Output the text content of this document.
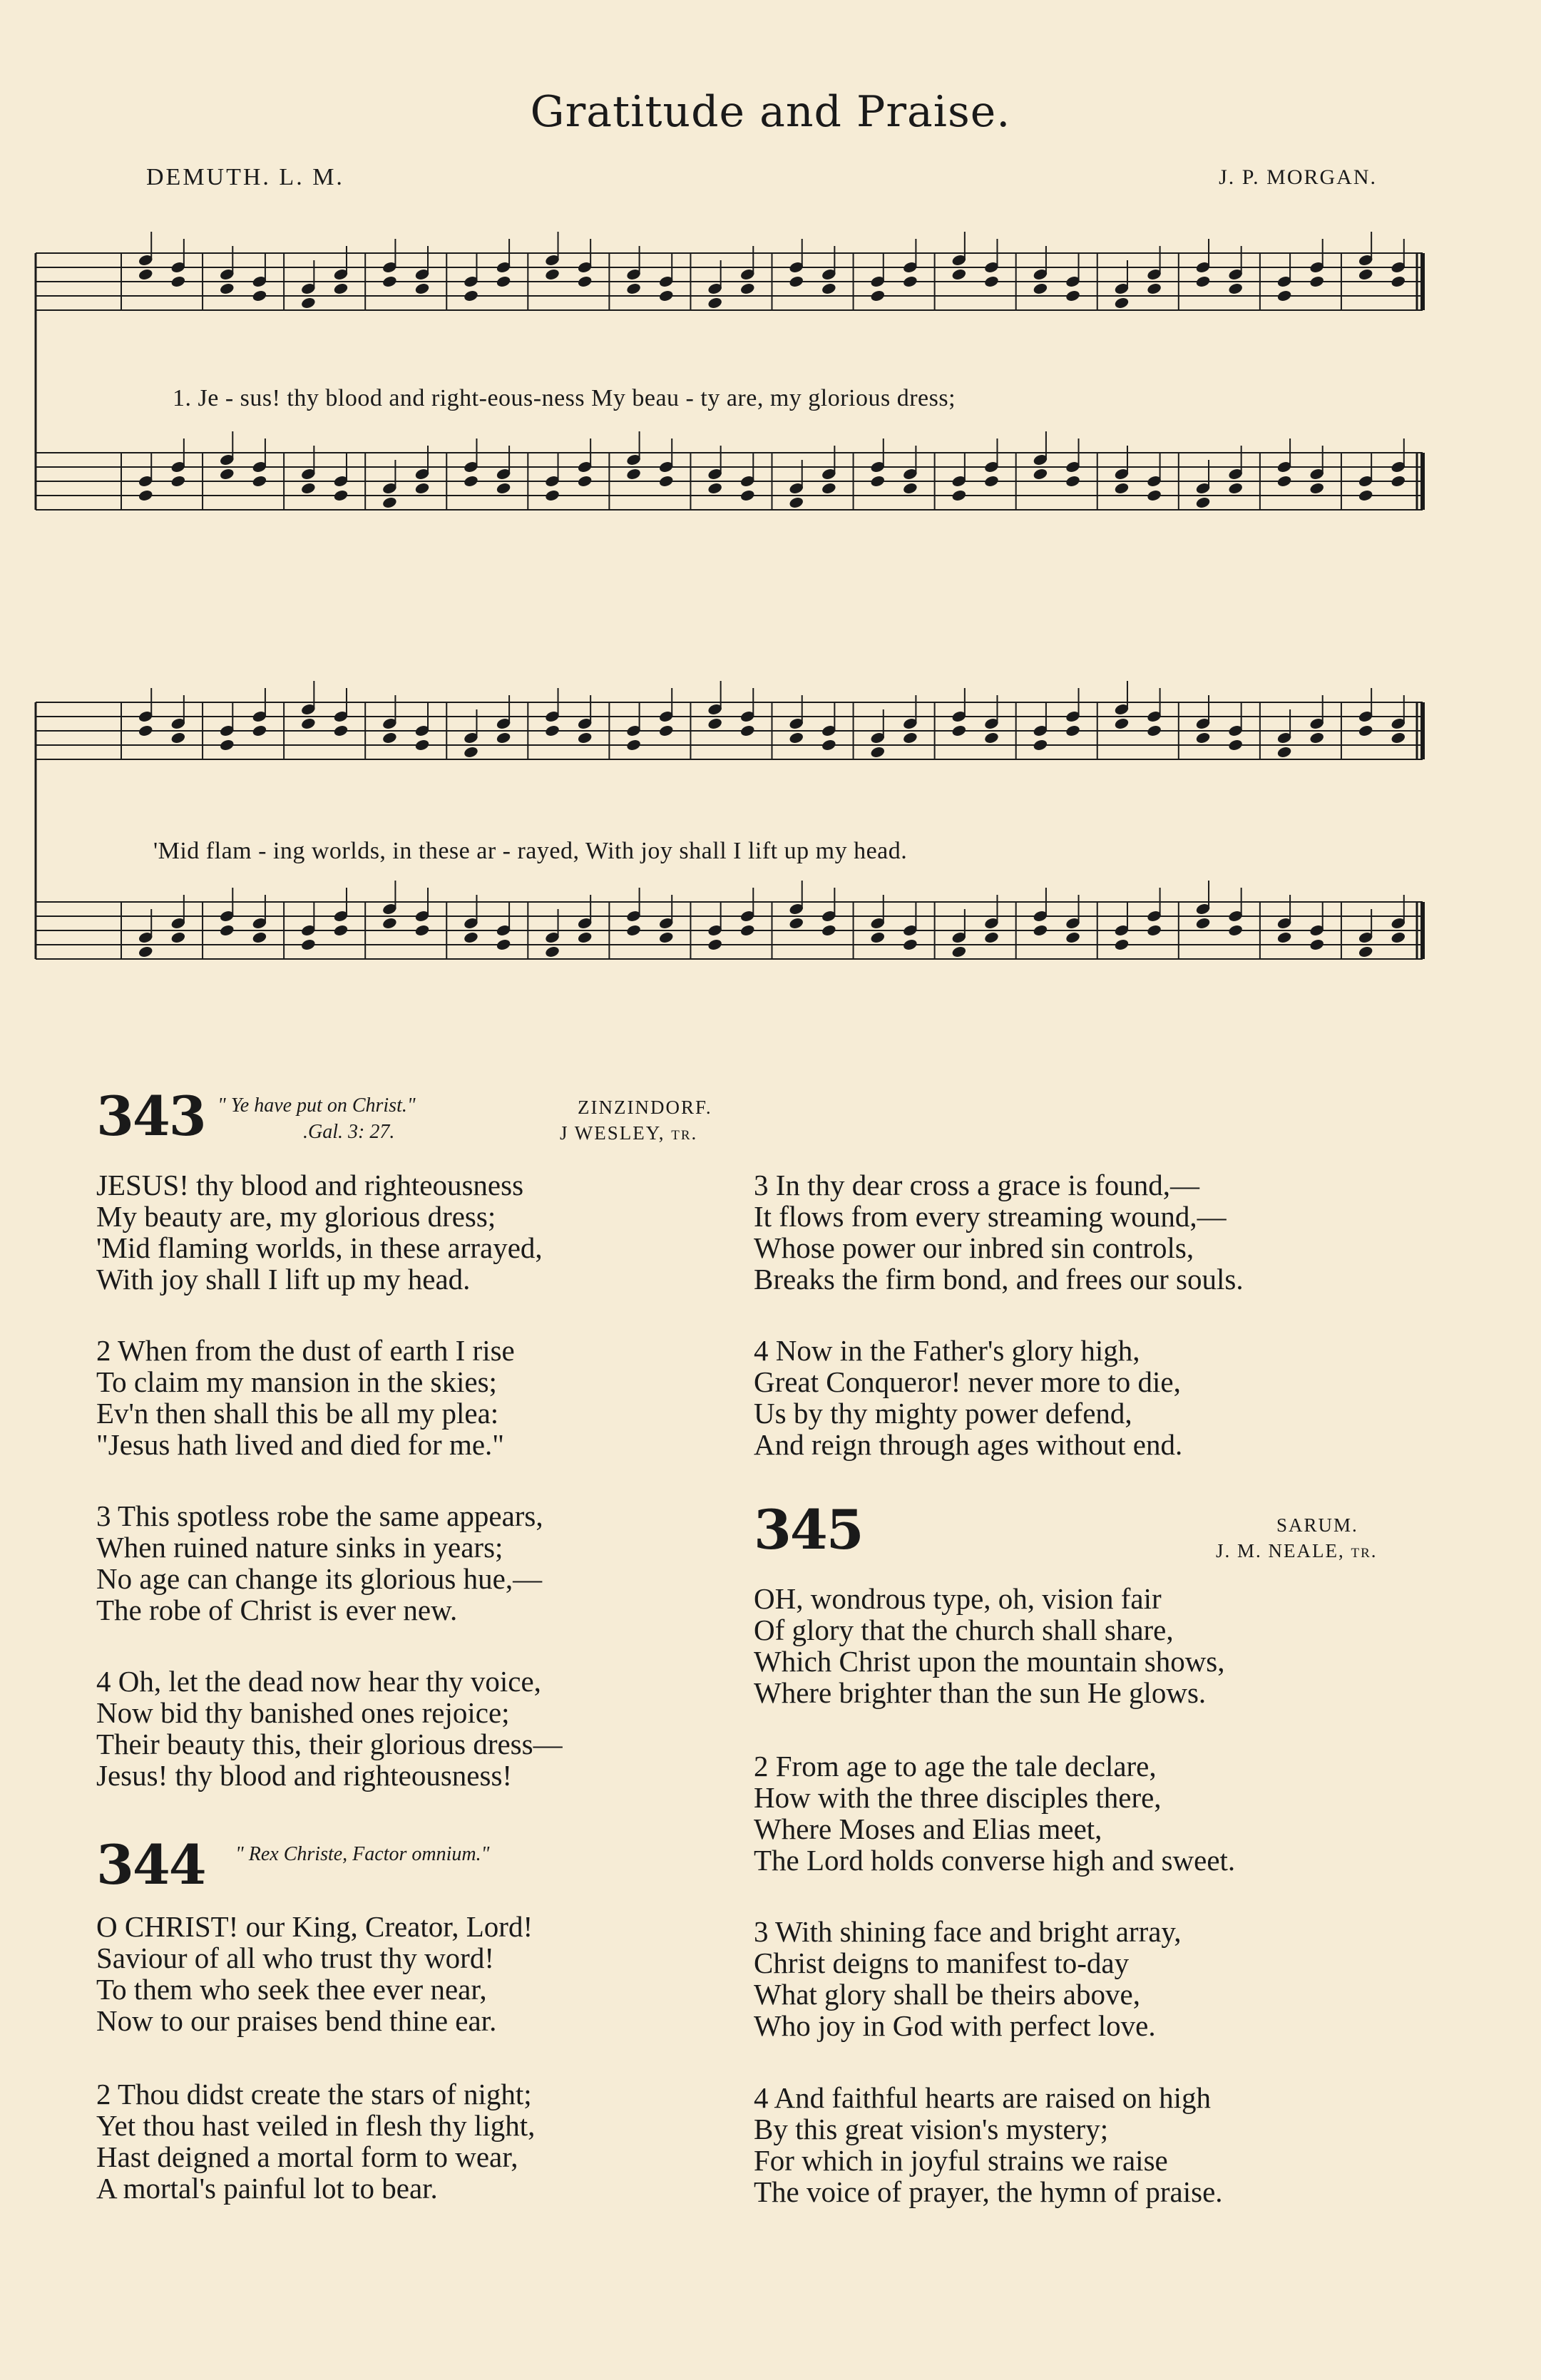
Gratitude and Praise.
DEMUTH. L. M.	J. P. MORGAN.
1. Je - sus! thy blood and right-eous-ness My beau - ty are, my glorious dress;
'Mid flam - ing worlds, in these ar - rayed, With joy shall I lift up my head.
343 " Ye have put on Christ."
.Gal. 3: 27.
ZINZINDORF.
J WESLEY, tr.
JESUS! thy blood and righteousness
My beauty are, my glorious dress;
'Mid flaming worlds, in these arrayed,
With joy shall I lift up my head.
2 When from the dust of earth I rise
To claim my mansion in the skies;
Ev'n then shall this be all my plea:
"Jesus hath lived and died for me."
3 This spotless robe the same appears,
When ruined nature sinks in years;
No age can change its glorious hue,—
The robe of Christ is ever new.
4 Oh, let the dead now hear thy voice,
Now bid thy banished ones rejoice;
Their beauty this, their glorious dress—
Jesus! thy blood and righteousness!
3 In thy dear cross a grace is found,—
It flows from every streaming wound,—
Whose power our inbred sin controls,
Breaks the firm bond, and frees our souls.
4 Now in the Father's glory high,
Great Conqueror! never more to die,
Us by thy mighty power defend,
And reign through ages without end.
344 " Rex Christe, Factor omnium."
O CHRIST! our King, Creator, Lord!
Saviour of all who trust thy word!
To them who seek thee ever near,
Now to our praises bend thine ear.
2 Thou didst create the stars of night;
Yet thou hast veiled in flesh thy light,
Hast deigned a mortal form to wear,
A mortal's painful lot to bear.
345	SARUM.
J. M. NEALE, tr.
OH, wondrous type, oh, vision fair
Of glory that the church shall share,
Which Christ upon the mountain shows,
Where brighter than the sun He glows.
2 From age to age the tale declare,
How with the three disciples there,
Where Moses and Elias meet,
The Lord holds converse high and sweet.
3 With shining face and bright array,
Christ deigns to manifest to-day
What glory shall be theirs above,
Who joy in God with perfect love.
4 And faithful hearts are raised on high
By this great vision's mystery;
For which in joyful strains we raise
The voice of prayer, the hymn of praise.
